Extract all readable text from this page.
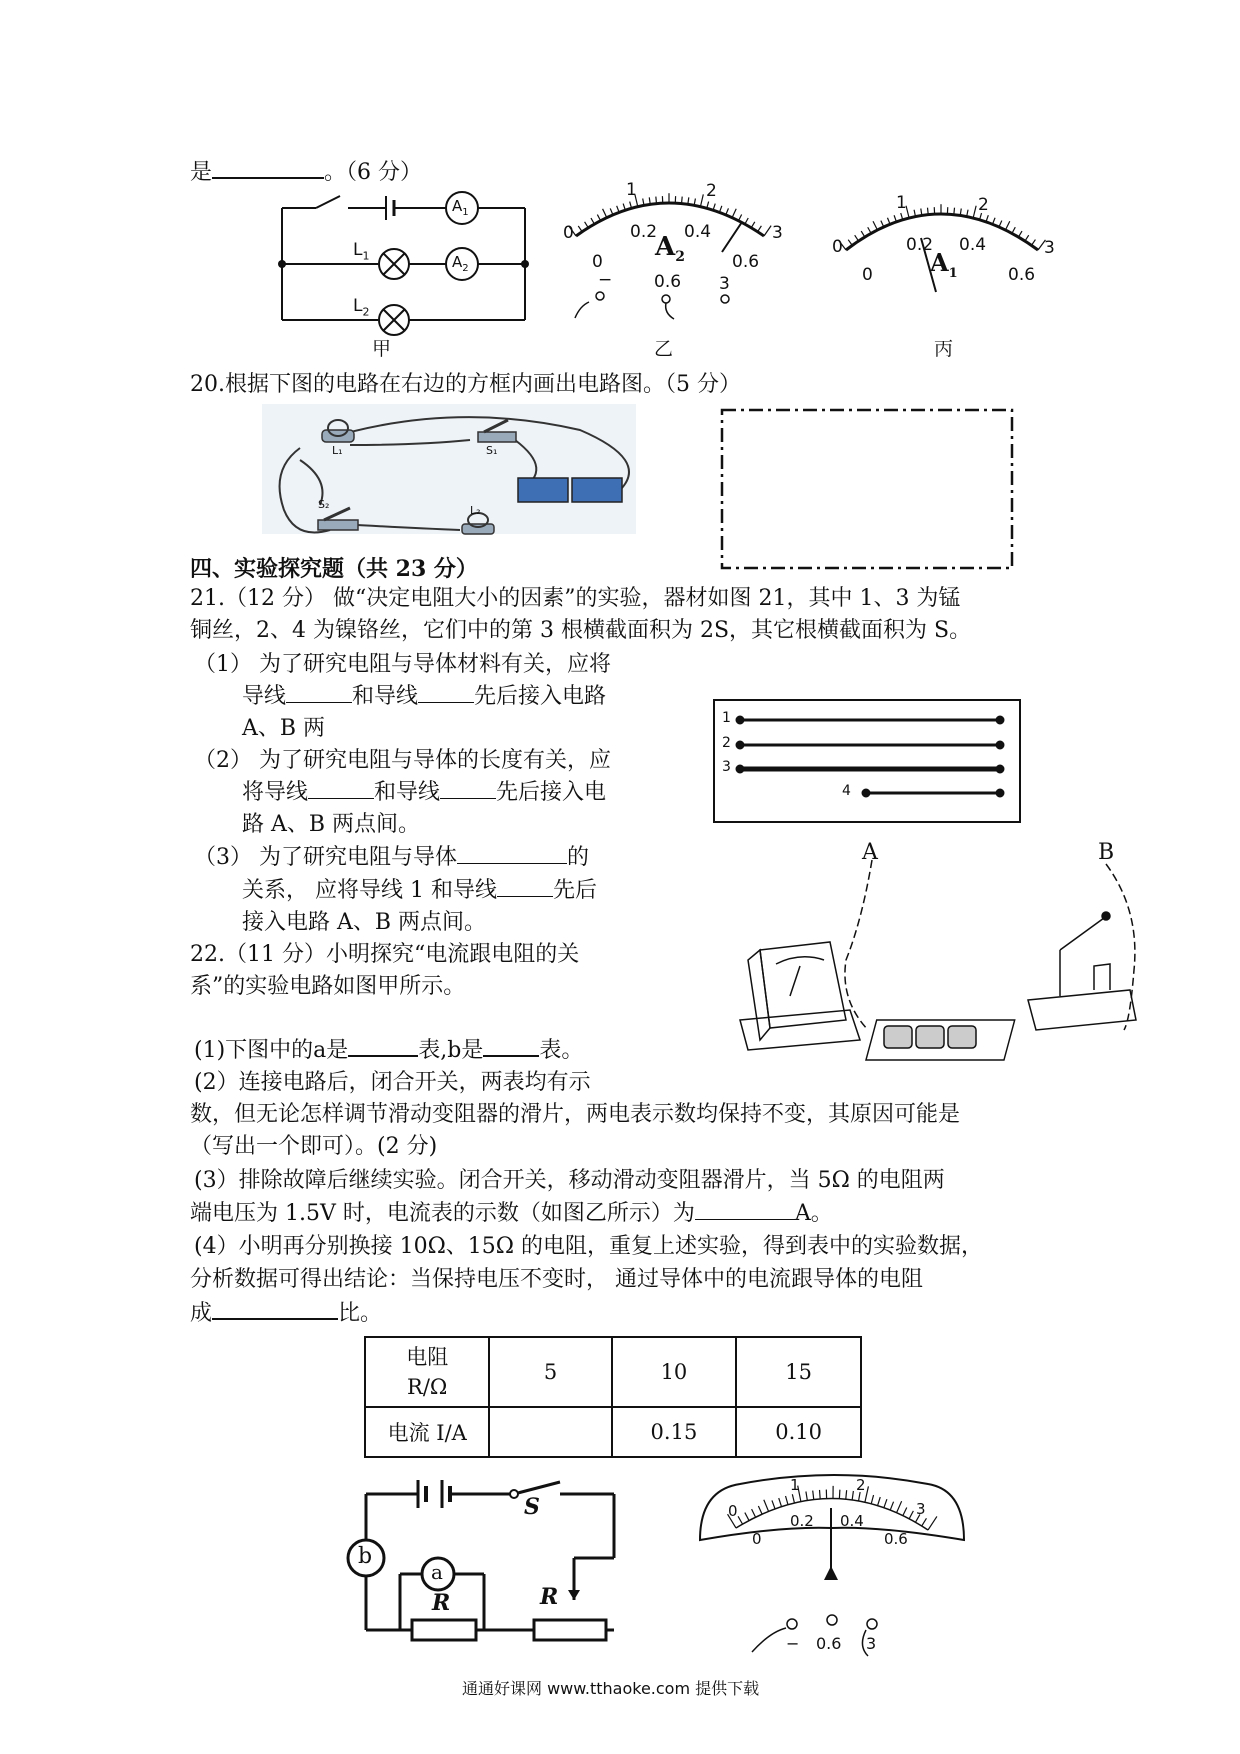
是	。（6 分）
$L_1$
$L_2$
$A_1$
$A_2$
甲
0
1	2
3
0
0.2 0.4
0.6
$A_2$
− 0.6 3
乙
0
1	2
3
0
0.2 0.4
0.6
$A_1$
丙
20.根据下图的电路在右边的方框内画出电路图。（5 分）
L₁	S₁
S₂	L₂
四、实验探究题（共 23 分）
21.（12 分） 做“决定电阻大小的因素”的实验，器材如图 21，其中 1、3 为锰
铜丝，2、4 为镍铬丝，它们中的第 3 根横截面积为 2S，其它根横截面积为 S。
（1） 为了研究电阻与导体材料有关，应将
导线	和导线	先后接入电路
A、B 两
（2） 为了研究电阻与导体的长度有关，应
将导线	和导线	先后接入电
路 A、B 两点间。
（3） 为了研究电阻与导体	的
关系， 应将导线 1 和导线	先后
接入电路 A、B 两点间。
1
2
3
4
A	B
22.（11 分）小明探究“电流跟电阻的关
系”的实验电路如图甲所示。
(1)下图中的a是	表,b是	表。
(2）连接电路后，闭合开关，两表均有示
数，但无论怎样调节滑动变阻器的滑片，两电表示数均保持不变，其原因可能是
（写出一个即可）。(2 分)
(3）排除故障后继续实验。闭合开关，移动滑动变阻器滑片，当 5Ω 的电阻两
端电压为 1.5V 时，电流表的示数（如图乙所示）为	A。
(4）小明再分别换接 10Ω、15Ω 的电阻，重复上述实验，得到表中的实验数据，
分析数据可得出结论：当保持电压不变时， 通过导体中的电流跟导体的电阻
成	比。
电阻
R/Ω	5	10	15
电流 I/A		0.15	0.10
S
b
a
R	R
0
1	2
3
0
0.2 0.4
0.6
− 0.6 3
通通好课网 www.tthaoke.com 提供下载
